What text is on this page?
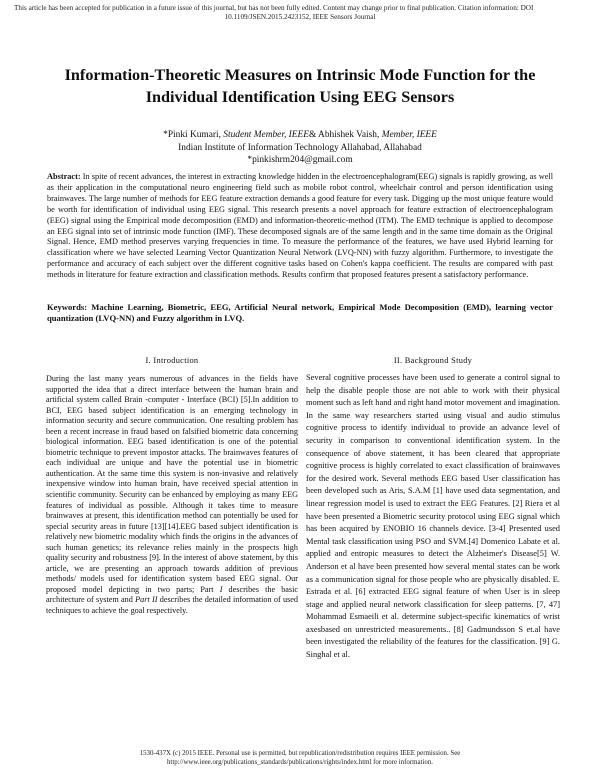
This article has been accepted for publication in a future issue of this journal, but has not been fully edited. Content may change prior to final publication. Citation information: DOI
10.1109/JSEN.2015.2423152, IEEE Sensors Journal
Information-Theoretic Measures on Intrinsic Mode Function for the Individual Identification Using EEG Sensors
*Pinki Kumari, Student Member, IEEE& Abhishek Vaish, Member, IEEE
Indian Institute of Information Technology Allahabad, Allahabad
*pinkishrm204@gmail.com
Abstract: In spite of recent advances, the interest in extracting knowledge hidden in the electroencephalogram(EEG) signals is rapidly growing, as well as their application in the computational neuro engineering field such as mobile robot control, wheelchair control and person identification using brainwaves. The large number of methods for EEG feature extraction demands a good feature for every task. Digging up the most unique feature would be worth for identification of individual using EEG signal. This research presents a novel approach for feature extraction of electroencephalogram (EEG) signal using the Empirical mode decomposition (EMD) and information-theoretic-method (ITM). The EMD technique is applied to decompose an EEG signal into set of intrinsic mode function (IMF). These decomposed signals are of the same length and in the same time domain as the Original Signal. Hence, EMD method preserves varying frequencies in time. To measure the performance of the features, we have used Hybrid learning for classification where we have selected Learning Vector Quantization Neural Network (LVQ-NN) with fuzzy algorithm. Furthermore, to investigate the performance and accuracy of each subject over the different cognitive tasks based on Cohen's kappa coefficient. The results are compared with past methods in literature for feature extraction and classification methods. Results confirm that proposed features present a satisfactory performance.
Keywords: Machine Learning, Biometric, EEG, Artificial Neural network, Empirical Mode Decomposition (EMD), learning vector quantization (LVQ-NN) and Fuzzy algorithm in LVQ.
I. Introduction	II. Background Study
During the last many years numerous of advances in the fields have supported the idea that a direct interface between the human brain and artificial system called Brain -computer - Interface (BCI) [5].In addition to BCI, EEG based subject identification is an emerging technology in information security and secure communication. One resulting problem has been a recent increase in fraud based on falsified biometric data concerning biological information. EEG based identification is one of the potential biometric technique to prevent impostor attacks. The brainwaves features of each individual are unique and have the potential use in biometric authentication. At the same time this system is non-invasive and relatively inexpensive window into human brain, have received special attention in scientific community. Security can be enhanced by employing as many EEG features of individual as possible. Although it takes time to measure brainwaves at present, this identification method can potentially be used for special security areas in future [13][14].EEG based subject identification is relatively new biometric modality which finds the origins in the advances of such human genetics; its relevance relies mainly in the prospects high quality security and robustness [9]. In the interest of above statement, by this article, we are presenting an approach towards addition of previous methods/ models used for identification system based EEG signal. Our proposed model depicting in two parts; Part I describes the basic architecture of system and Part II describes the detailed information of used techniques to achieve the goal respectively.
Several cognitive processes have been used to generate a control signal to help the disable people those are not able to work with their physical moment such as left hand and right hand motor movement and imagination. In the same way researchers started using visual and audio stimulus cognitive process to identify individual to provide an advance level of security in comparison to conventional identification system. In the consequence of above statement, it has been cleared that appropriate cognitive process is highly correlated to exact classification of brainwaves for the desired work. Several methods EEG based User classification has been developed such as Aris, S.A.M [1] have used data segmentation, and linear regression model is used to extract the EEG Features. [2] Riera et al have been presented a Biometric security protocol using EEG signal which has been acquired by ENOBIO 16 channels device. [3-4] Presented used Mental task classification using PSO and SVM.[4] Domenico Labate et al. applied and entropic measures to detect the Alzheimer's Disease[5] W. Anderson et al have been presented how several mental states can be work as a communication signal for those people who are physically disabled. E. Estrada et al. [6] extracted EEG signal feature of when User is in sleep stage and applied neural network classification for sleep patterns. [7, 47] Mohammad Esmaeili et al. determine subject-specific kinematics of wrist axesbased on unrestricted measurements.. [8] Gadmundsson S et.al have been investigated the reliability of the features for the classification. [9] G. Singhal et al.
1530-437X (c) 2015 IEEE. Personal use is permitted, but republication/redistribution requires IEEE permission. See
http://www.ieee.org/publications_standards/publications/rights/index.html for more information.
